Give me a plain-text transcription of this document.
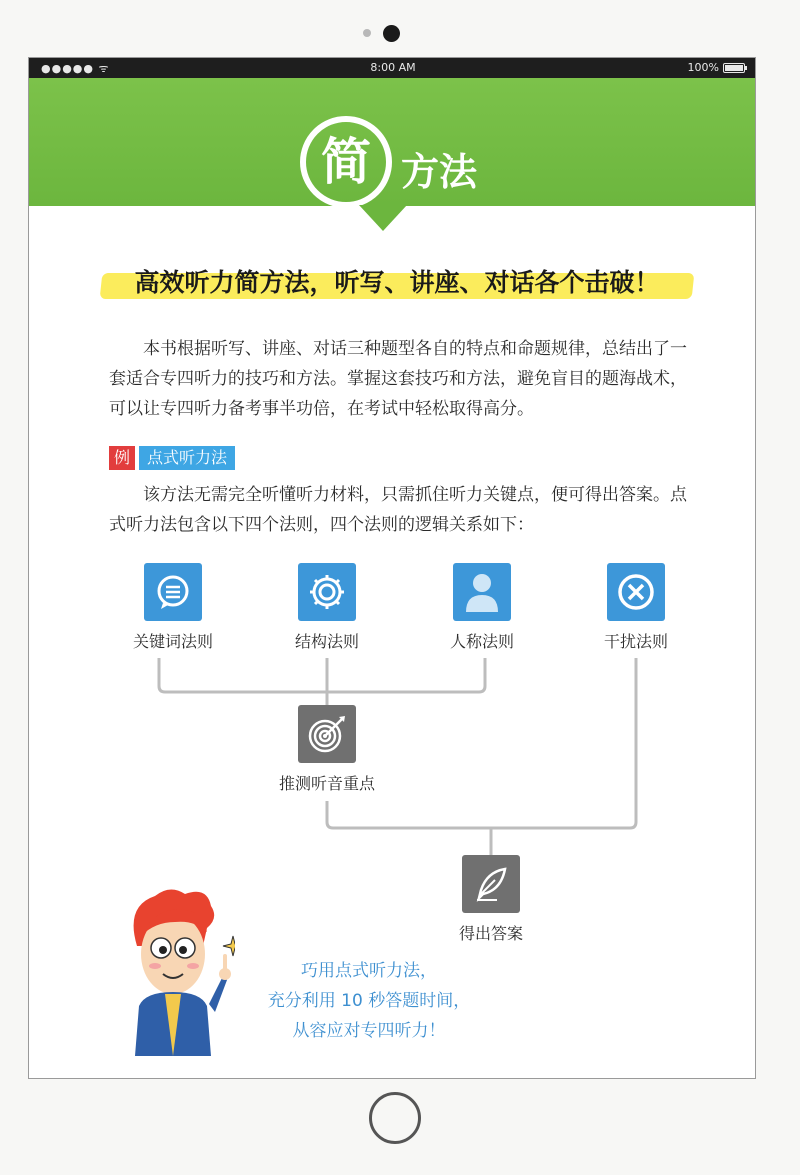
●●●●● ᯤ	8:00 AM	100%
简 方法
高效听力简方法，听写、讲座、对话各个击破！

本书根据听写、讲座、对话三种题型各自的特点和命题规律，总结出了一套适合专四听力的技巧和方法。掌握这套技巧和方法，避免盲目的题海战术，可以让专四听力备考事半功倍，在考试中轻松取得高分。

例	点式听力法

该方法无需完全听懂听力材料，只需抓住听力关键点，便可得出答案。点式听力法包含以下四个法则，四个法则的逻辑关系如下：

关键词法则	结构法则	人称法则	干扰法则
推测听音重点
得出答案
巧用点式听力法，
充分利用 10 秒答题时间，
从容应对专四听力！
